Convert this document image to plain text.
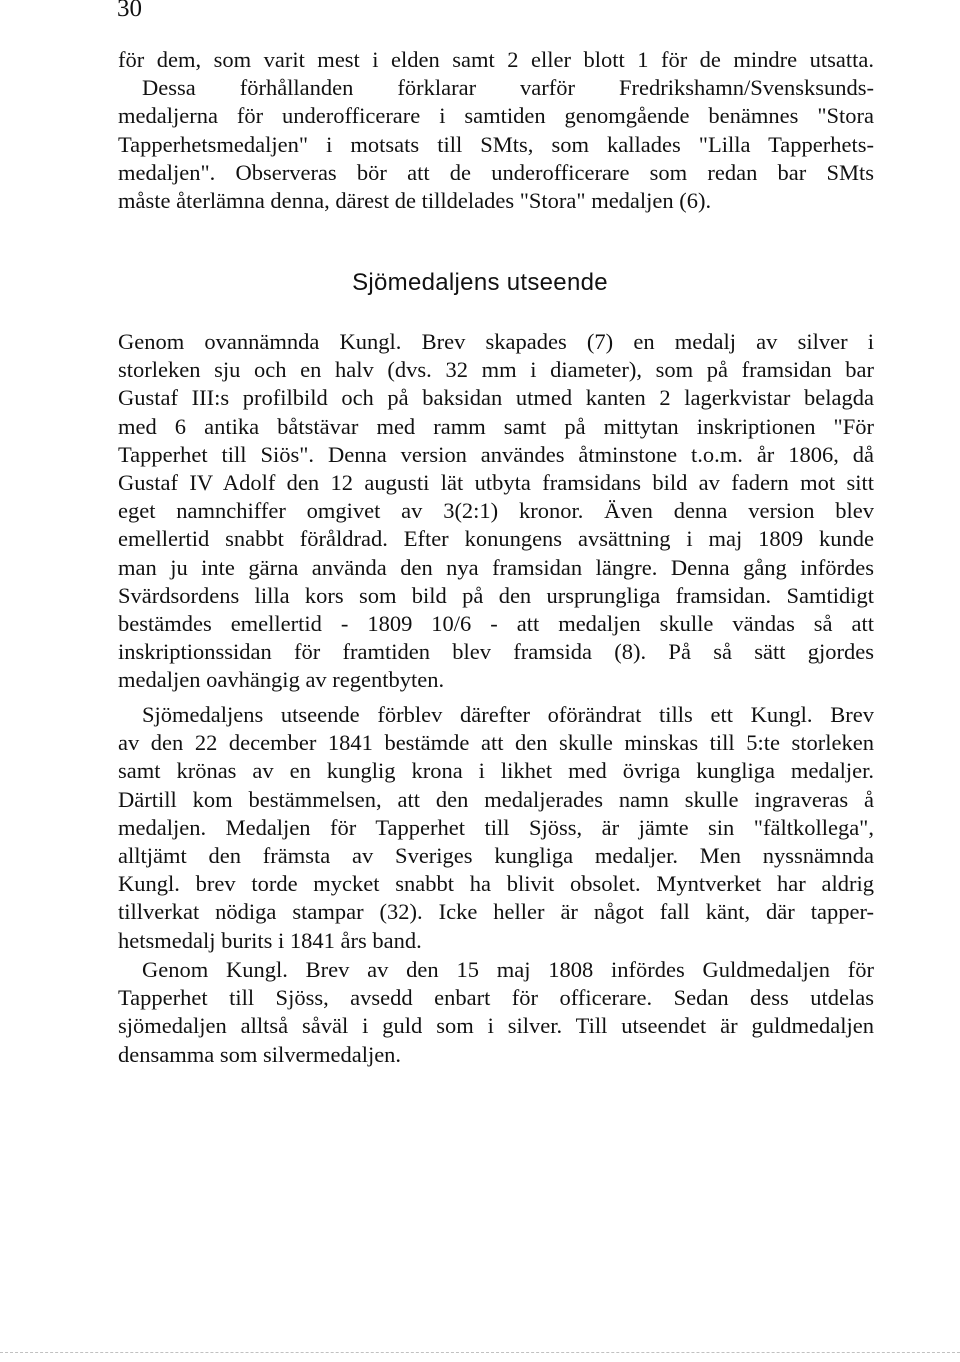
30
för dem, som varit mest i elden samt 2 eller blott 1 för de mindre utsatta.
Dessa förhållanden förklarar varför Fredrikshamn/Svensksunds-
medaljerna för underofficerare i samtiden genomgående benämnes "Stora
Tapperhetsmedaljen" i motsats till SMts, som kallades "Lilla Tapperhets-
medaljen". Observeras bör att de underofficerare som redan bar SMts
måste återlämna denna, därest de tilldelades "Stora" medaljen (6).
Sjömedaljens utseende
Genom ovannämnda Kungl. Brev skapades (7) en medalj av silver i
storleken sju och en halv (dvs. 32 mm i diameter), som på framsidan bar
Gustaf III:s profilbild och på baksidan utmed kanten 2 lagerkvistar belagda
med 6 antika båtstävar med ramm samt på mittytan inskriptionen "För
Tapperhet till Siös". Denna version användes åtminstone t.o.m. år 1806, då
Gustaf IV Adolf den 12 augusti lät utbyta framsidans bild av fadern mot sitt
eget namnchiffer omgivet av 3(2:1) kronor. Även denna version blev
emellertid snabbt föråldrad. Efter konungens avsättning i maj 1809 kunde
man ju inte gärna använda den nya framsidan längre. Denna gång infördes
Svärdsordens lilla kors som bild på den ursprungliga framsidan. Samtidigt
bestämdes emellertid - 1809 10/6 - att medaljen skulle vändas så att
inskriptionssidan för framtiden blev framsida (8). På så sätt gjordes
medaljen oavhängig av regentbyten.
Sjömedaljens utseende förblev därefter oförändrat tills ett Kungl. Brev
av den 22 december 1841 bestämde att den skulle minskas till 5:te storleken
samt krönas av en kunglig krona i likhet med övriga kungliga medaljer.
Därtill kom bestämmelsen, att den medaljerades namn skulle ingraveras å
medaljen. Medaljen för Tapperhet till Sjöss, är jämte sin "fältkollega",
alltjämt den främsta av Sveriges kungliga medaljer. Men nyssnämnda
Kungl. brev torde mycket snabbt ha blivit obsolet. Myntverket har aldrig
tillverkat nödiga stampar (32). Icke heller är något fall känt, där tapper-
hetsmedalj burits i 1841 års band.
Genom Kungl. Brev av den 15 maj 1808 infördes Guldmedaljen för
Tapperhet till Sjöss, avsedd enbart för officerare. Sedan dess utdelas
sjömedaljen alltså såväl i guld som i silver. Till utseendet är guldmedaljen
densamma som silvermedaljen.
